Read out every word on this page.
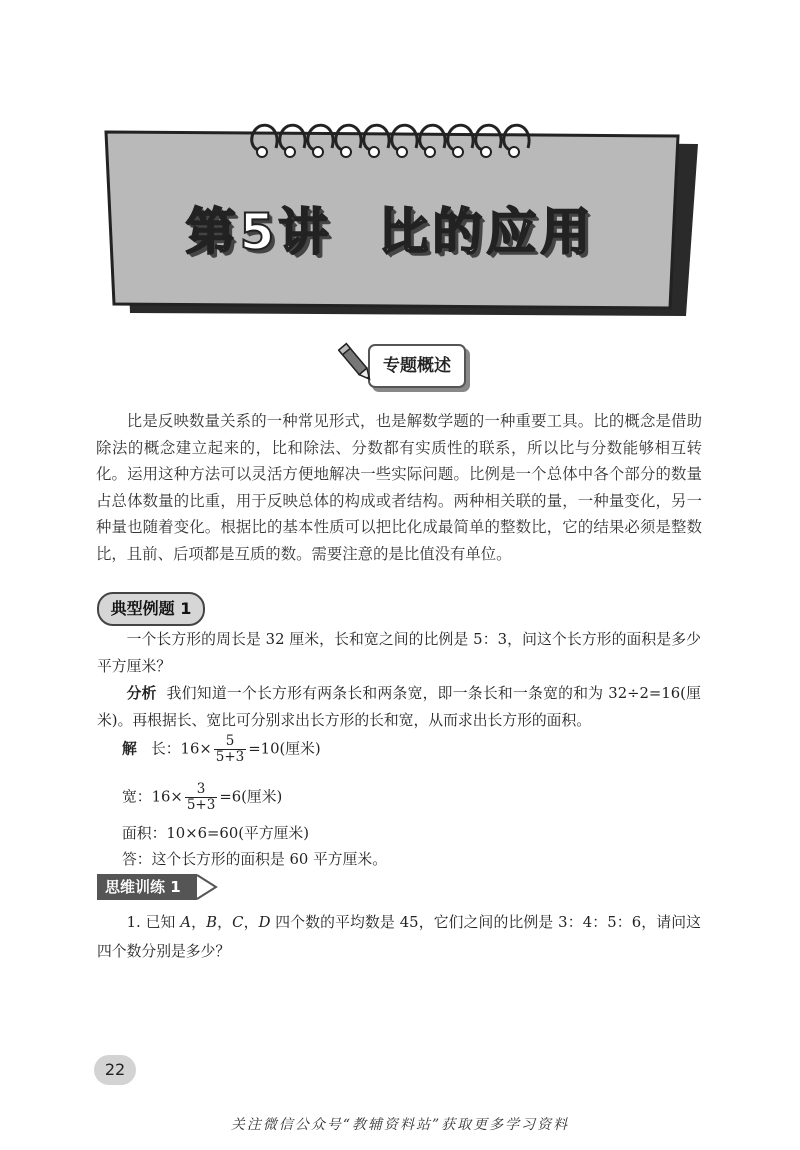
第5讲 比的应用
专题概述

比是反映数量关系的一种常见形式，也是解数学题的一种重要工具。比的概念是借助除法的概念建立起来的，比和除法、分数都有实质性的联系，所以比与分数能够相互转化。运用这种方法可以灵活方便地解决一些实际问题。比例是一个总体中各个部分的数量占总体数量的比重，用于反映总体的构成或者结构。两种相关联的量，一种量变化，另一种量也随着变化。根据比的基本性质可以把比化成最简单的整数比，它的结果必须是整数比，且前、后项都是互质的数。需要注意的是比值没有单位。

典型例题 1

一个长方形的周长是 32 厘米，长和宽之间的比例是 5：3，问这个长方形的面积是多少平方厘米？

分析 我们知道一个长方形有两条长和两条宽，即一条长和一条宽的和为 32÷2=16(厘米)。再根据长、宽比可分别求出长方形的长和宽，从而求出长方形的面积。

解 长：$16\times \frac{5}{5+3} =10$(厘米)
宽：$16\times \frac{3}{5+3} =6$(厘米)
面积：10×6=60(平方厘米)
答：这个长方形的面积是 60 平方厘米。
思维训练 1

1. 已知 A，B，C，D 四个数的平均数是 45，它们之间的比例是 3：4：5：6，请问这四个数分别是多少？

22
关注微信公众号“教辅资料站”获取更多学习资料
